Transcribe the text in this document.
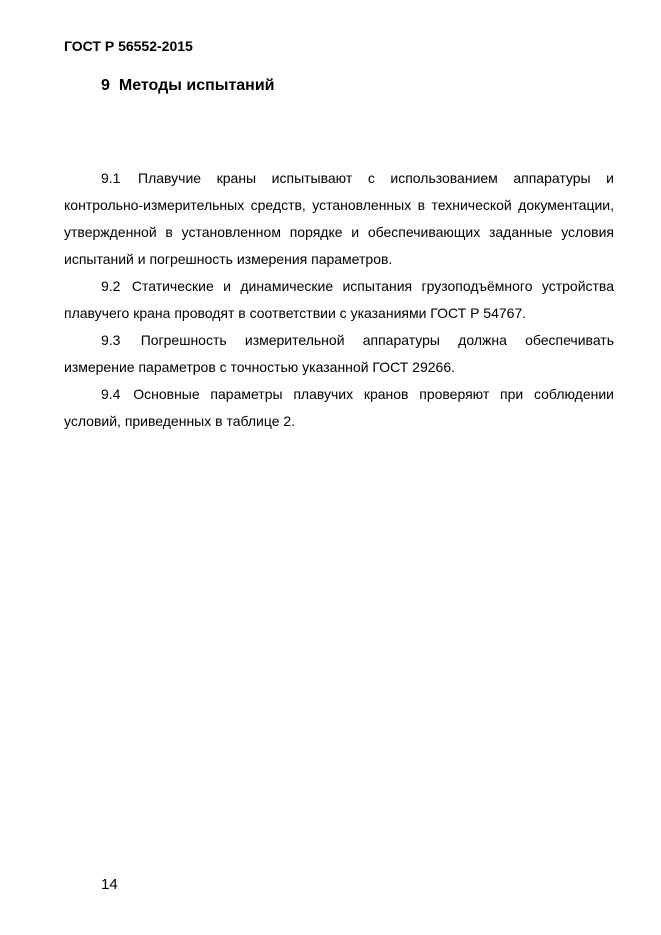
ГОСТ Р 56552-2015
9 Методы испытаний

9.1 Плавучие краны испытывают с использованием аппаратуры и контрольно-измерительных средств, установленных в технической документации, утвержденной в установленном порядке и обеспечивающих заданные условия испытаний и погрешность измерения параметров.

9.2 Статические и динамические испытания грузоподъёмного устройства плавучего крана проводят в соответствии с указаниями ГОСТ Р 54767.

9.3 Погрешность измерительной аппаратуры должна обеспечивать измерение параметров с точностью указанной ГОСТ 29266.

9.4 Основные параметры плавучих кранов проверяют при соблюдении условий, приведенных в таблице 2.

14
